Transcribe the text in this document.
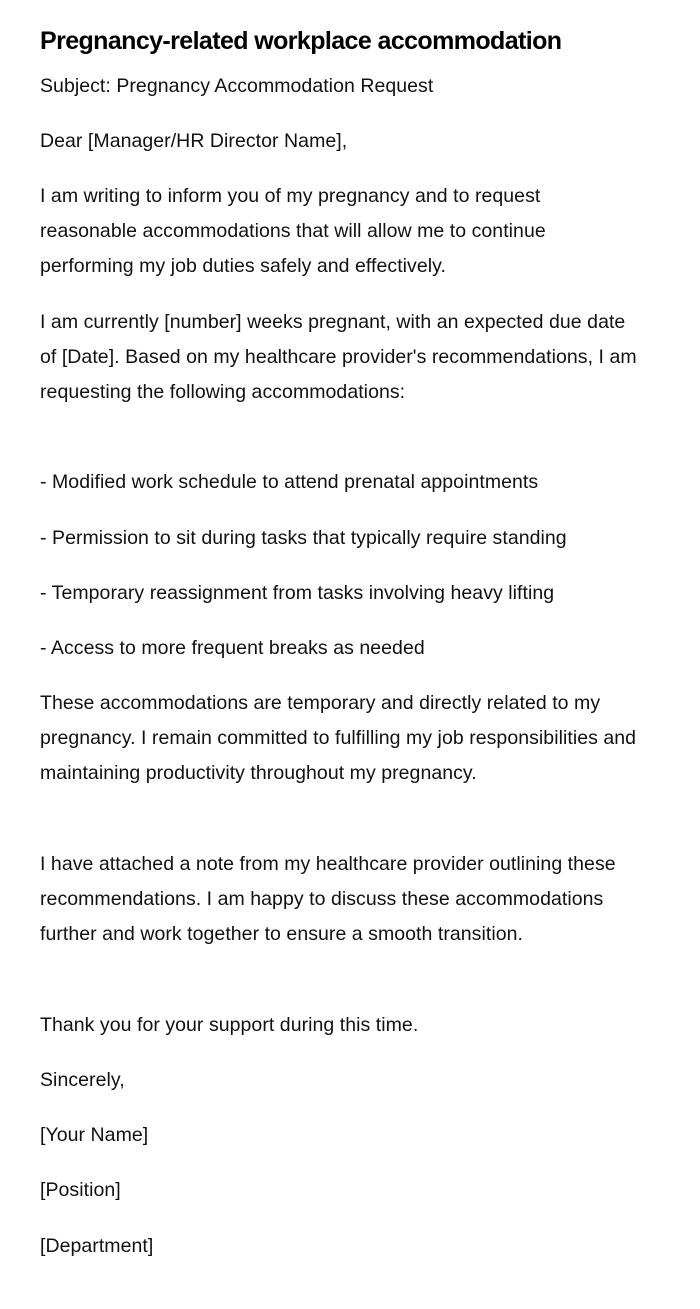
Pregnancy-related workplace accommodation

Subject: Pregnancy Accommodation Request

Dear [Manager/HR Director Name],

I am writing to inform you of my pregnancy and to request reasonable accommodations that will allow me to continue performing my job duties safely and effectively.

I am currently [number] weeks pregnant, with an expected due date of [Date]. Based on my healthcare provider's recommendations, I am requesting the following accommodations:

- Modified work schedule to attend prenatal appointments

- Permission to sit during tasks that typically require standing

- Temporary reassignment from tasks involving heavy lifting

- Access to more frequent breaks as needed

These accommodations are temporary and directly related to my pregnancy. I remain committed to fulfilling my job responsibilities and maintaining productivity throughout my pregnancy.

I have attached a note from my healthcare provider outlining these recommendations. I am happy to discuss these accommodations further and work together to ensure a smooth transition.

Thank you for your support during this time.

Sincerely,

[Your Name]

[Position]

[Department]
